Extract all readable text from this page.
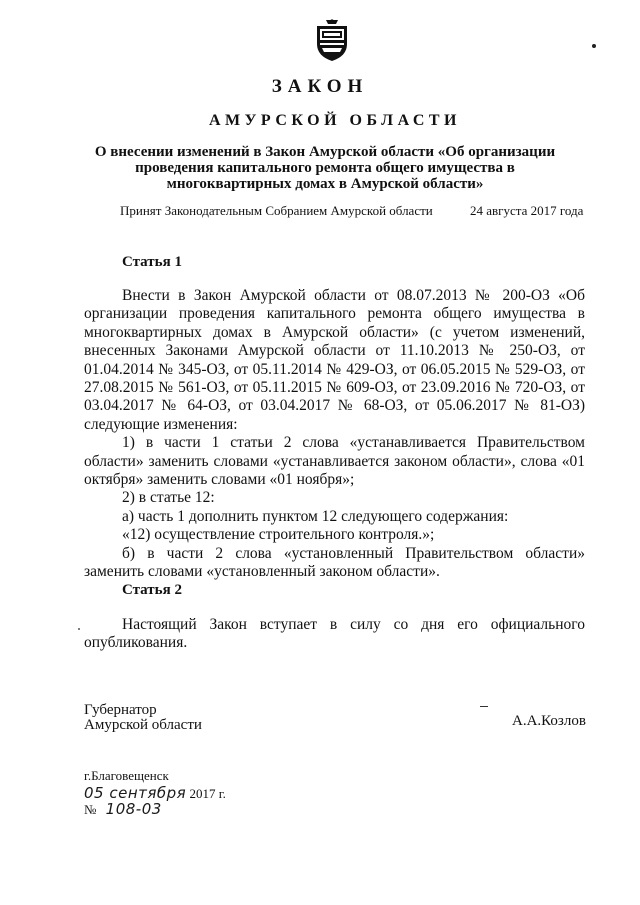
ЗАКОН
АМУРСКОЙ ОБЛАСТИ
О внесении изменений в Закон Амурской области «Об организации проведения капитального ремонта общего имущества в многоквартирных домах в Амурской области»
Принят Законодательным Собранием Амурской области	24 августа 2017 года
Статья 1

Внести в Закон Амурской области от 08.07.2013 № 200-ОЗ «Об организации проведения капитального ремонта общего имущества в многоквартирных домах в Амурской области» (с учетом изменений, внесенных Законами Амурской области от 11.10.2013 № 250-ОЗ, от 01.04.2014 № 345-ОЗ, от 05.11.2014 № 429-ОЗ, от 06.05.2015 № 529-ОЗ, от 27.08.2015 № 561-ОЗ, от 05.11.2015 № 609-ОЗ, от 23.09.2016 № 720-ОЗ, от 03.04.2017 № 64-ОЗ, от 03.04.2017 № 68-ОЗ, от 05.06.2017 № 81-ОЗ) следующие изменения:

1) в части 1 статьи 2 слова «устанавливается Правительством области» заменить словами «устанавливается законом области», слова «01 октября» заменить словами «01 ноября»;

2) в статье 12:

а) часть 1 дополнить пунктом 12 следующего содержания:

«12) осуществление строительного контроля.»;

б) в части 2 слова «установленный Правительством области» заменить словами «установленный законом области».

Статья 2

Настоящий Закон вступает в силу со дня его официального опубликования.

Губернатор
Амурской области	А.А.Козлов
г.Благовещенск
05 сентября 2017 г.
№ 108-03
